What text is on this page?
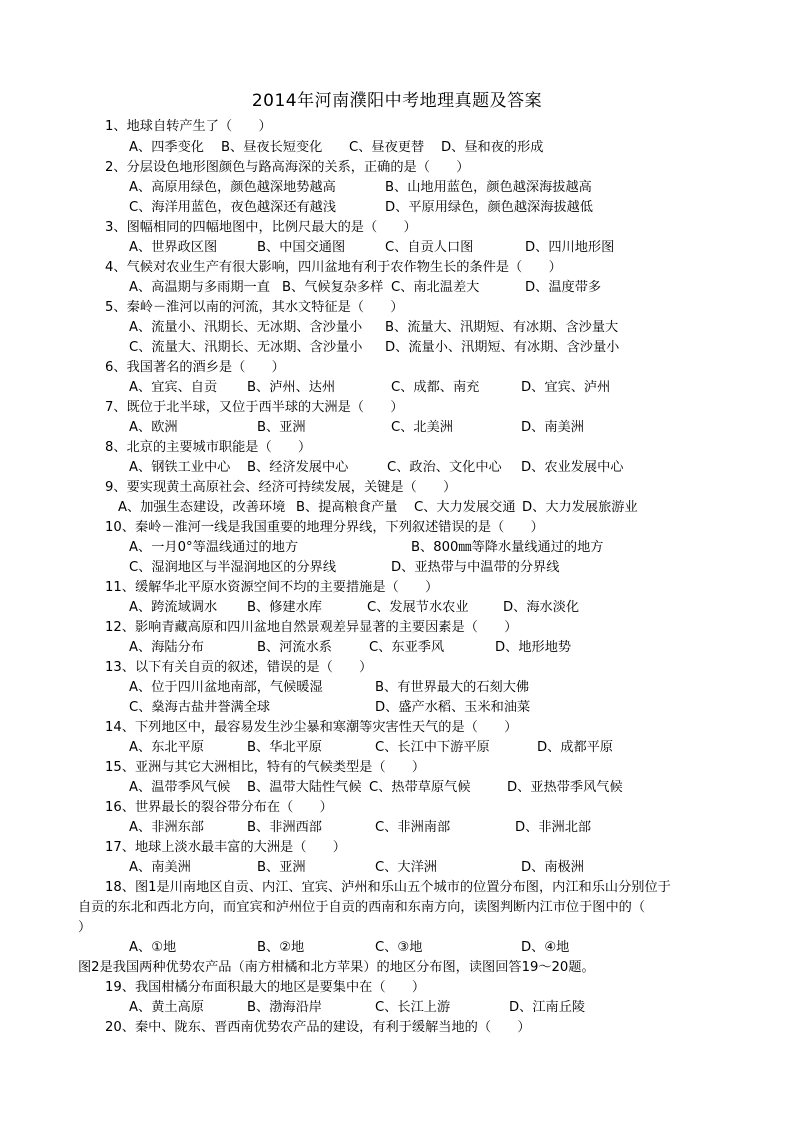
2014年河南濮阳中考地理真题及答案
1、地球自转产生了（　　）
A、四季变化 B、昼夜长短变化 C、昼夜更替 D、昼和夜的形成
2、分层设色地形图颜色与路高海深的关系，正确的是（　　）
A、高原用绿色，颜色越深地势越高	B、山地用蓝色，颜色越深海拔越高
C、海洋用蓝色，夜色越深还有越浅	D、平原用绿色，颜色越深海拔越低
3、图幅相同的四幅地图中，比例尺最大的是（　　）
A、世界政区图	B、中国交通图	C、自贡人口图	D、四川地形图
4、气候对农业生产有很大影响，四川盆地有利于农作物生长的条件是（　　）
A、高温期与多雨期一直 B、气候复杂多样 C、南北温差大	D、温度带多
5、秦岭－淮河以南的河流，其水文特征是（　　）
A、流量小、汛期长、无冰期、含沙量小 B、流量大、汛期短、有冰期、含沙量大
C、流量大、汛期长、无冰期、含沙量小 D、流量小、汛期短、有冰期、含沙量小
6、我国著名的酒乡是（　　）
A、宜宾、自贡 B、泸州、达州	C、成都、南充	D、宜宾、泸州
7、既位于北半球，又位于西半球的大洲是（　　）
A、欧洲	B、亚洲	C、北美洲	D、南美洲
8、北京的主要城市职能是（　　）
A、钢铁工业中心 B、经济发展中心	C、政治、文化中心 D、农业发展中心
9、要实现黄土高原社会、经济可持续发展，关键是（　　）
A、加强生态建设，改善环境 B、提高粮食产量 C、大力发展交通 D、大力发展旅游业
10、秦岭－淮河一线是我国重要的地理分界线，下列叙述错误的是（　　）
A、一月0°等温线通过的地方	B、800㎜等降水量线通过的地方
C、湿润地区与半湿润地区的分界线	D、亚热带与中温带的分界线
11、缓解华北平原水资源空间不均的主要措施是（　　）
A、跨流域调水 B、修建水库	C、发展节水农业	D、海水淡化
12、影响青藏高原和四川盆地自然景观差异显著的主要因素是（　　）
A、海陆分布	B、河流水系	C、东亚季风	D、地形地势
13、以下有关自贡的叙述，错误的是（　　）
A、位于四川盆地南部，气候暖湿	B、有世界最大的石刻大佛
C、燊海古盐井誉满全球	D、盛产水稻、玉米和油菜
14、下列地区中，最容易发生沙尘暴和寒潮等灾害性天气的是（　　）
A、东北平原	B、华北平原	C、长江中下游平原	D、成都平原
15、亚洲与其它大洲相比，特有的气候类型是（　　）
A、温带季风气候 B、温带大陆性气候 C、热带草原气候	D、亚热带季风气候
16、世界最长的裂谷带分布在（　　）
A、非洲东部	B、非洲西部	C、非洲南部	D、非洲北部
17、地球上淡水最丰富的大洲是（　　）
A、南美洲	B、亚洲	C、大洋洲	D、南极洲
18、图1是川南地区自贡、内江、宜宾、泸州和乐山五个城市的位置分布图，内江和乐山分别位于
自贡的东北和西北方向，而宜宾和泸州位于自贡的西南和东南方向，读图判断内江市位于图中的（
）
A、①地	B、②地	C、③地	D、④地
图2是我国两种优势农产品（南方柑橘和北方苹果）的地区分布图，读图回答19～20题。
19、我国柑橘分布面积最大的地区是要集中在（　　）
A、黄土高原	B、渤海沿岸	C、长江上游	D、江南丘陵
20、秦中、陇东、晋西南优势农产品的建设，有利于缓解当地的（　　）
